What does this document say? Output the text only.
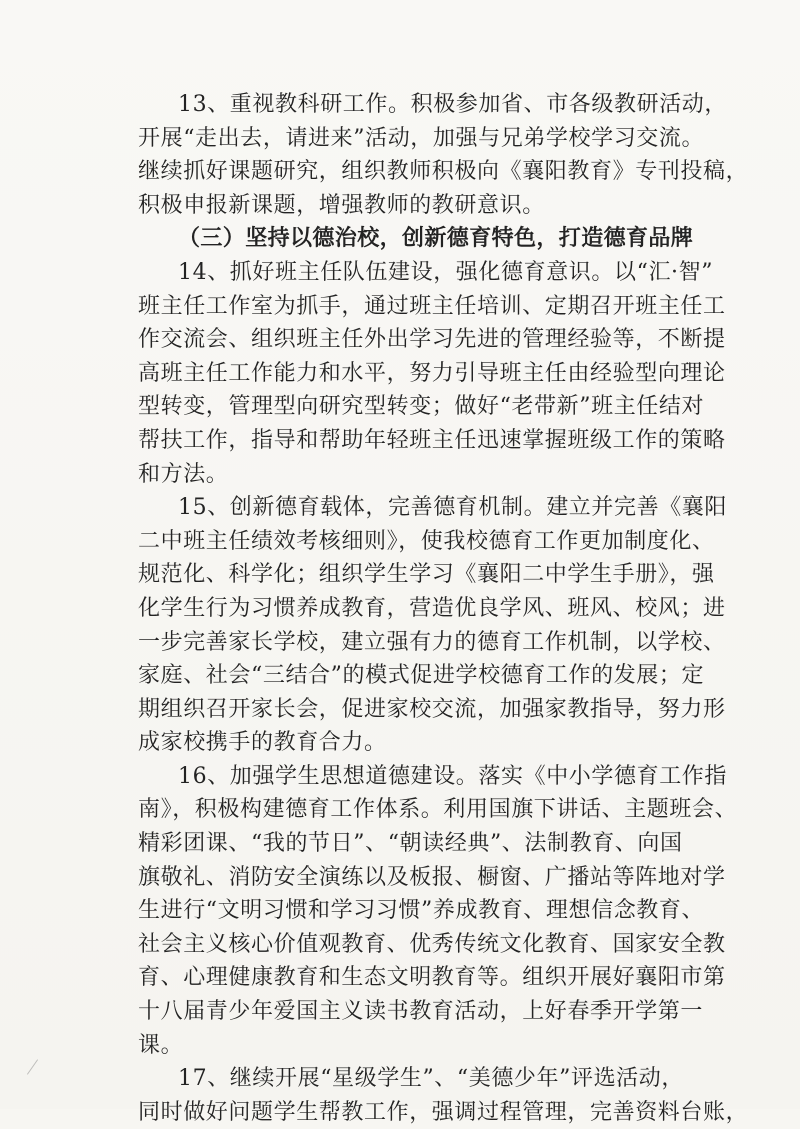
13、重视教科研工作。积极参加省、市各级教研活动，
开展“走出去，请进来”活动，加强与兄弟学校学习交流。
继续抓好课题研究，组织教师积极向《襄阳教育》专刊投稿，
积极申报新课题，增强教师的教研意识。
（三）坚持以德治校，创新德育特色，打造德育品牌
14、抓好班主任队伍建设，强化德育意识。以“汇·智”
班主任工作室为抓手，通过班主任培训、定期召开班主任工
作交流会、组织班主任外出学习先进的管理经验等，不断提
高班主任工作能力和水平，努力引导班主任由经验型向理论
型转变，管理型向研究型转变；做好“老带新”班主任结对
帮扶工作，指导和帮助年轻班主任迅速掌握班级工作的策略
和方法。
15、创新德育载体，完善德育机制。建立并完善《襄阳
二中班主任绩效考核细则》，使我校德育工作更加制度化、
规范化、科学化；组织学生学习《襄阳二中学生手册》，强
化学生行为习惯养成教育，营造优良学风、班风、校风；进
一步完善家长学校，建立强有力的德育工作机制，以学校、
家庭、社会“三结合”的模式促进学校德育工作的发展；定
期组织召开家长会，促进家校交流，加强家教指导，努力形
成家校携手的教育合力。
16、加强学生思想道德建设。落实《中小学德育工作指
南》，积极构建德育工作体系。利用国旗下讲话、主题班会、
精彩团课、“我的节日”、“朝读经典”、法制教育、向国
旗敬礼、消防安全演练以及板报、橱窗、广播站等阵地对学
生进行“文明习惯和学习习惯”养成教育、理想信念教育、
社会主义核心价值观教育、优秀传统文化教育、国家安全教
育、心理健康教育和生态文明教育等。组织开展好襄阳市第
十八届青少年爱国主义读书教育活动，上好春季开学第一
课。
17、继续开展“星级学生”、“美德少年”评选活动，
同时做好问题学生帮教工作，强调过程管理，完善资料台账，
